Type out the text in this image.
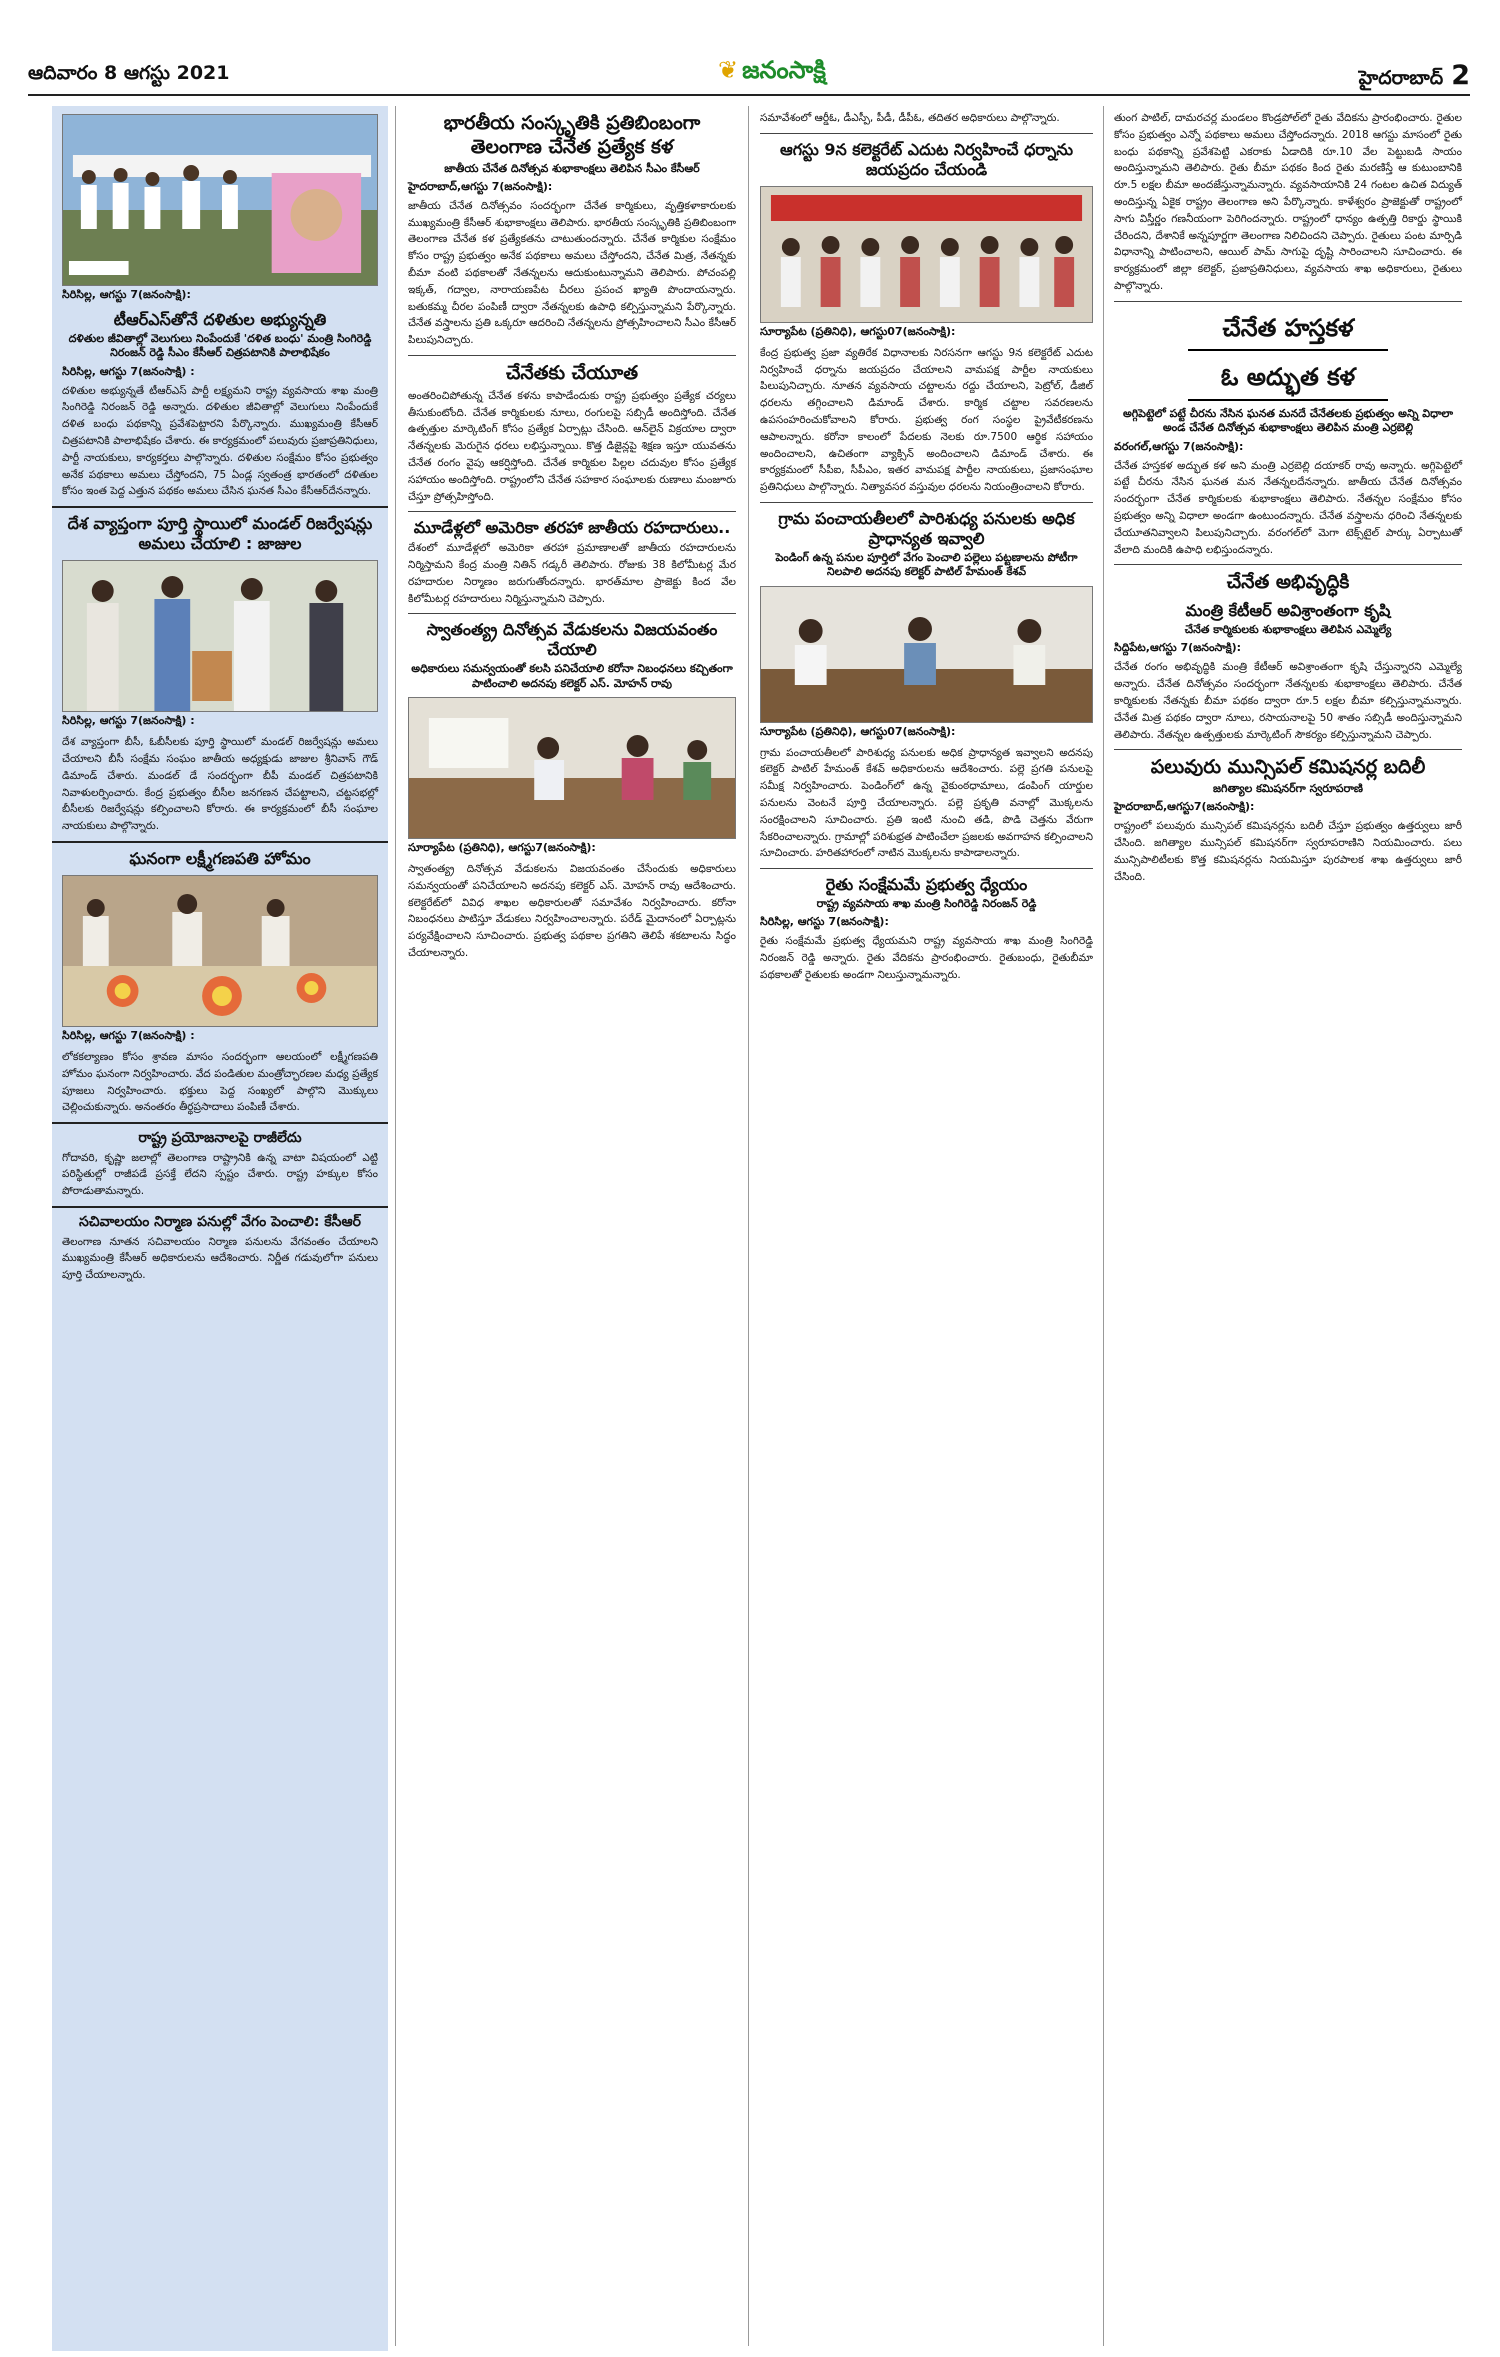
ఆదివారం 8 ఆగస్టు 2021	❦ జనంసాక్షి	హైదరాబాద్ 2
సిరిసిల్ల, ఆగస్టు 7(జనంసాక్షి):
టీఆర్ఎస్‌తోనే దళితుల అభ్యున్నతి
దళితుల జీవితాల్లో వెలుగులు నింపేందుకే 'దళిత బంధు' మంత్రి సింగిరెడ్డి నిరంజన్ రెడ్డి సీఎం కేసీఆర్ చిత్రపటానికి పాలాభిషేకం
సిరిసిల్ల, ఆగస్టు 7(జనంసాక్షి) :
దళితుల అభ్యున్నతే టీఆర్ఎస్ పార్టీ లక్ష్యమని రాష్ట్ర వ్యవసాయ శాఖ మంత్రి సింగిరెడ్డి నిరంజన్ రెడ్డి అన్నారు. దళితుల జీవితాల్లో వెలుగులు నింపేందుకే దళిత బంధు పథకాన్ని ప్రవేశపెట్టారని పేర్కొన్నారు. ముఖ్యమంత్రి కేసీఆర్ చిత్రపటానికి పాలాభిషేకం చేశారు. ఈ కార్యక్రమంలో పలువురు ప్రజాప్రతినిధులు, పార్టీ నాయకులు, కార్యకర్తలు పాల్గొన్నారు. దళితుల సంక్షేమం కోసం ప్రభుత్వం అనేక పథకాలు అమలు చేస్తోందని, 75 ఏండ్ల స్వతంత్ర భారతంలో దళితుల కోసం ఇంత పెద్ద ఎత్తున పథకం అమలు చేసిన ఘనత సీఎం కేసీఆర్‌దేనన్నారు.
దేశ వ్యాప్తంగా పూర్తి స్థాయిలో మండల్ రిజర్వేషన్లు అమలు చేయాలి : జాజుల
సిరిసిల్ల, ఆగస్టు 7(జనంసాక్షి) :
దేశ వ్యాప్తంగా బీసీ, ఓబీసీలకు పూర్తి స్థాయిలో మండల్ రిజర్వేషన్లు అమలు చేయాలని బీసీ సంక్షేమ సంఘం జాతీయ అధ్యక్షుడు జాజుల శ్రీనివాస్ గౌడ్ డిమాండ్ చేశారు. మండల్ డే సందర్భంగా బీపీ మండల్ చిత్రపటానికి నివాళులర్పించారు. కేంద్ర ప్రభుత్వం బీసీల జనగణన చేపట్టాలని, చట్టసభల్లో బీసీలకు రిజర్వేషన్లు కల్పించాలని కోరారు. ఈ కార్యక్రమంలో బీసీ సంఘాల నాయకులు పాల్గొన్నారు.
ఘనంగా లక్ష్మీగణపతి హోమం
సిరిసిల్ల, ఆగస్టు 7(జనంసాక్షి) :
లోకకల్యాణం కోసం శ్రావణ మాసం సందర్భంగా ఆలయంలో లక్ష్మీగణపతి హోమం ఘనంగా నిర్వహించారు. వేద పండితుల మంత్రోచ్ఛారణల మధ్య ప్రత్యేక పూజలు నిర్వహించారు. భక్తులు పెద్ద సంఖ్యలో పాల్గొని మొక్కులు చెల్లించుకున్నారు. అనంతరం తీర్థప్రసాదాలు పంపిణీ చేశారు.
రాష్ట్ర ప్రయోజనాలపై రాజీలేదు
గోదావరి, కృష్ణా జలాల్లో తెలంగాణ రాష్ట్రానికి ఉన్న వాటా విషయంలో ఎట్టి పరిస్థితుల్లో రాజీపడే ప్రసక్తే లేదని స్పష్టం చేశారు. రాష్ట్ర హక్కుల కోసం పోరాడుతామన్నారు.
సచివాలయం నిర్మాణ పనుల్లో వేగం పెంచాలి: కేసీఆర్
తెలంగాణ నూతన సచివాలయం నిర్మాణ పనులను వేగవంతం చేయాలని ముఖ్యమంత్రి కేసీఆర్ అధికారులను ఆదేశించారు. నిర్ణీత గడువులోగా పనులు పూర్తి చేయాలన్నారు.
భారతీయ సంస్కృతికి ప్రతిబింబంగా తెలంగాణ చేనేత ప్రత్యేక కళ
జాతీయ చేనేత దినోత్సవ శుభాకాంక్షలు తెలిపిన సీఎం కేసీఆర్
హైదరాబాద్,ఆగస్టు 7(జనంసాక్షి):
జాతీయ చేనేత దినోత్సవం సందర్భంగా చేనేత కార్మికులు, వృత్తికళాకారులకు ముఖ్యమంత్రి కేసీఆర్ శుభాకాంక్షలు తెలిపారు. భారతీయ సంస్కృతికి ప్రతిబింబంగా తెలంగాణ చేనేత కళ ప్రత్యేకతను చాటుతుందన్నారు. చేనేత కార్మికుల సంక్షేమం కోసం రాష్ట్ర ప్రభుత్వం అనేక పథకాలు అమలు చేస్తోందని, చేనేత మిత్ర, నేతన్నకు బీమా వంటి పథకాలతో నేతన్నలను ఆదుకుంటున్నామని తెలిపారు. పోచంపల్లి ఇక్కత్, గద్వాల, నారాయణపేట చీరలు ప్రపంచ ఖ్యాతి పొందాయన్నారు. బతుకమ్మ చీరల పంపిణీ ద్వారా నేతన్నలకు ఉపాధి కల్పిస్తున్నామని పేర్కొన్నారు. చేనేత వస్త్రాలను ప్రతి ఒక్కరూ ఆదరించి నేతన్నలను ప్రోత్సహించాలని సీఎం కేసీఆర్ పిలుపునిచ్చారు.
చేనేతకు చేయూత
అంతరించిపోతున్న చేనేత కళను కాపాడేందుకు రాష్ట్ర ప్రభుత్వం ప్రత్యేక చర్యలు తీసుకుంటోంది. చేనేత కార్మికులకు నూలు, రంగులపై సబ్సిడీ అందిస్తోంది. చేనేత ఉత్పత్తుల మార్కెటింగ్ కోసం ప్రత్యేక ఏర్పాట్లు చేసింది. ఆన్‌లైన్ విక్రయాల ద్వారా నేతన్నలకు మెరుగైన ధరలు లభిస్తున్నాయి. కొత్త డిజైన్లపై శిక్షణ ఇస్తూ యువతను చేనేత రంగం వైపు ఆకర్షిస్తోంది. చేనేత కార్మికుల పిల్లల చదువుల కోసం ప్రత్యేక సహాయం అందిస్తోంది. రాష్ట్రంలోని చేనేత సహకార సంఘాలకు రుణాలు మంజూరు చేస్తూ ప్రోత్సహిస్తోంది.
మూడేళ్లలో అమెరికా తరహా జాతీయ రహదారులు..
దేశంలో మూడేళ్లలో అమెరికా తరహా ప్రమాణాలతో జాతీయ రహదారులను నిర్మిస్తామని కేంద్ర మంత్రి నితిన్ గడ్కరీ తెలిపారు. రోజుకు 38 కిలోమీటర్ల మేర రహదారుల నిర్మాణం జరుగుతోందన్నారు. భారత్‌మాల ప్రాజెక్టు కింద వేల కిలోమీటర్ల రహదారులు నిర్మిస్తున్నామని చెప్పారు.
స్వాతంత్య్ర దినోత్సవ వేడుకలను విజయవంతం చేయాలి
అధికారులు సమన్వయంతో కలసి పనిచేయాలి కరోనా నిబంధనలు కచ్చితంగా పాటించాలి అదనపు కలెక్టర్ ఎస్. మోహన్ రావు
సూర్యాపేట (ప్రతినిధి), ఆగస్టు7(జనంసాక్షి):
స్వాతంత్య్ర దినోత్సవ వేడుకలను విజయవంతం చేసేందుకు అధికారులు సమన్వయంతో పనిచేయాలని అదనపు కలెక్టర్ ఎస్. మోహన్ రావు ఆదేశించారు. కలెక్టరేట్‌లో వివిధ శాఖల అధికారులతో సమావేశం నిర్వహించారు. కరోనా నిబంధనలు పాటిస్తూ వేడుకలు నిర్వహించాలన్నారు. పరేడ్ మైదానంలో ఏర్పాట్లను పర్యవేక్షించాలని సూచించారు. ప్రభుత్వ పథకాల ప్రగతిని తెలిపే శకటాలను సిద్ధం చేయాలన్నారు.
సమావేశంలో ఆర్డీఓ, డీఎస్పీ, పీడీ, డీపీఓ, తదితర అధికారులు పాల్గొన్నారు.
ఆగస్టు 9న కలెక్టరేట్ ఎదుట నిర్వహించే ధర్నాను జయప్రదం చేయండి
సూర్యాపేట (ప్రతినిధి), ఆగస్టు07(జనంసాక్షి):
కేంద్ర ప్రభుత్వ ప్రజా వ్యతిరేక విధానాలకు నిరసనగా ఆగస్టు 9న కలెక్టరేట్ ఎదుట నిర్వహించే ధర్నాను జయప్రదం చేయాలని వామపక్ష పార్టీల నాయకులు పిలుపునిచ్చారు. నూతన వ్యవసాయ చట్టాలను రద్దు చేయాలని, పెట్రోల్, డీజిల్ ధరలను తగ్గించాలని డిమాండ్ చేశారు. కార్మిక చట్టాల సవరణలను ఉపసంహరించుకోవాలని కోరారు. ప్రభుత్వ రంగ సంస్థల ప్రైవేటీకరణను ఆపాలన్నారు. కరోనా కాలంలో పేదలకు నెలకు రూ.7500 ఆర్థిక సహాయం అందించాలని, ఉచితంగా వ్యాక్సిన్ అందించాలని డిమాండ్ చేశారు. ఈ కార్యక్రమంలో సీపీఐ, సీపీఎం, ఇతర వామపక్ష పార్టీల నాయకులు, ప్రజాసంఘాల ప్రతినిధులు పాల్గొన్నారు. నిత్యావసర వస్తువుల ధరలను నియంత్రించాలని కోరారు.
గ్రామ పంచాయతీలలో పారిశుధ్య పనులకు అధిక ప్రాధాన్యత ఇవ్వాలి
పెండింగ్ ఉన్న పనుల పూర్తిలో వేగం పెంచాలి పల్లెలు పట్టణాలను పోటీగా నిలపాలి అదనపు కలెక్టర్ పాటిల్ హేమంత్ కేశవ్
సూర్యాపేట (ప్రతినిధి), ఆగస్టు07(జనంసాక్షి):
గ్రామ పంచాయతీలలో పారిశుధ్య పనులకు అధిక ప్రాధాన్యత ఇవ్వాలని అదనపు కలెక్టర్ పాటిల్ హేమంత్ కేశవ్ అధికారులను ఆదేశించారు. పల్లె ప్రగతి పనులపై సమీక్ష నిర్వహించారు. పెండింగ్‌లో ఉన్న వైకుంఠధామాలు, డంపింగ్ యార్డుల పనులను వెంటనే పూర్తి చేయాలన్నారు. పల్లె ప్రకృతి వనాల్లో మొక్కలను సంరక్షించాలని సూచించారు. ప్రతి ఇంటి నుంచి తడి, పొడి చెత్తను వేరుగా సేకరించాలన్నారు. గ్రామాల్లో పరిశుభ్రత పాటించేలా ప్రజలకు అవగాహన కల్పించాలని సూచించారు. హరితహారంలో నాటిన మొక్కలను కాపాడాలన్నారు.
రైతు సంక్షేమమే ప్రభుత్వ ధ్యేయం
రాష్ట్ర వ్యవసాయ శాఖ మంత్రి సింగిరెడ్డి నిరంజన్ రెడ్డి
సిరిసిల్ల, ఆగస్టు 7(జనంసాక్షి):
రైతు సంక్షేమమే ప్రభుత్వ ధ్యేయమని రాష్ట్ర వ్యవసాయ శాఖ మంత్రి సింగిరెడ్డి నిరంజన్ రెడ్డి అన్నారు. రైతు వేదికను ప్రారంభించారు. రైతుబంధు, రైతుబీమా పథకాలతో రైతులకు అండగా నిలుస్తున్నామన్నారు.
తుంగ పాటిల్, దామరచర్ల మండలం కొండ్రపోల్‌లో రైతు వేదికను ప్రారంభించారు. రైతుల కోసం ప్రభుత్వం ఎన్నో పథకాలు అమలు చేస్తోందన్నారు. 2018 ఆగస్టు మాసంలో రైతు బంధు పథకాన్ని ప్రవేశపెట్టి ఎకరాకు ఏడాదికి రూ.10 వేల పెట్టుబడి సాయం అందిస్తున్నామని తెలిపారు. రైతు బీమా పథకం కింద రైతు మరణిస్తే ఆ కుటుంబానికి రూ.5 లక్షల బీమా అందజేస్తున్నామన్నారు. వ్యవసాయానికి 24 గంటల ఉచిత విద్యుత్ అందిస్తున్న ఏకైక రాష్ట్రం తెలంగాణ అని పేర్కొన్నారు. కాళేశ్వరం ప్రాజెక్టుతో రాష్ట్రంలో సాగు విస్తీర్ణం గణనీయంగా పెరిగిందన్నారు. రాష్ట్రంలో ధాన్యం ఉత్పత్తి రికార్డు స్థాయికి చేరిందని, దేశానికే అన్నపూర్ణగా తెలంగాణ నిలిచిందని చెప్పారు. రైతులు పంట మార్పిడి విధానాన్ని పాటించాలని, ఆయిల్ పామ్ సాగుపై దృష్టి సారించాలని సూచించారు. ఈ కార్యక్రమంలో జిల్లా కలెక్టర్, ప్రజాప్రతినిధులు, వ్యవసాయ శాఖ అధికారులు, రైతులు పాల్గొన్నారు.
చేనేత హస్తకళ
ఓ అద్భుత కళ
అగ్గిపెట్టెలో పట్టే చీరను నేసిన ఘనత మనదే చేనేతలకు ప్రభుత్వం అన్ని విధాలా అండ చేనేత దినోత్సవ శుభాకాంక్షలు తెలిపిన మంత్రి ఎర్రబెల్లి
వరంగల్,ఆగస్టు 7(జనంసాక్షి):
చేనేత హస్తకళ అద్భుత కళ అని మంత్రి ఎర్రబెల్లి దయాకర్ రావు అన్నారు. అగ్గిపెట్టెలో పట్టే చీరను నేసిన ఘనత మన నేతన్నలదేనన్నారు. జాతీయ చేనేత దినోత్సవం సందర్భంగా చేనేత కార్మికులకు శుభాకాంక్షలు తెలిపారు. నేతన్నల సంక్షేమం కోసం ప్రభుత్వం అన్ని విధాలా అండగా ఉంటుందన్నారు. చేనేత వస్త్రాలను ధరించి నేతన్నలకు చేయూతనివ్వాలని పిలుపునిచ్చారు. వరంగల్‌లో మెగా టెక్స్‌టైల్ పార్కు ఏర్పాటుతో వేలాది మందికి ఉపాధి లభిస్తుందన్నారు.
చేనేత అభివృద్ధికి
మంత్రి కేటీఆర్ అవిశ్రాంతంగా కృషి
చేనేత కార్మికులకు శుభాకాంక్షలు తెలిపిన ఎమ్మెల్యే
సిద్దిపేట,ఆగస్టు 7(జనంసాక్షి):
చేనేత రంగం అభివృద్ధికి మంత్రి కేటీఆర్ అవిశ్రాంతంగా కృషి చేస్తున్నారని ఎమ్మెల్యే అన్నారు. చేనేత దినోత్సవం సందర్భంగా నేతన్నలకు శుభాకాంక్షలు తెలిపారు. చేనేత కార్మికులకు నేతన్నకు బీమా పథకం ద్వారా రూ.5 లక్షల బీమా కల్పిస్తున్నామన్నారు. చేనేత మిత్ర పథకం ద్వారా నూలు, రసాయనాలపై 50 శాతం సబ్సిడీ అందిస్తున్నామని తెలిపారు. నేతన్నల ఉత్పత్తులకు మార్కెటింగ్ సౌకర్యం కల్పిస్తున్నామని చెప్పారు.
పలువురు మున్సిపల్ కమిషనర్ల బదిలీ
జగిత్యాల కమిషనర్‌గా స్వరూపరాణి
హైదరాబాద్,ఆగస్టు7(జనంసాక్షి):
రాష్ట్రంలో పలువురు మున్సిపల్ కమిషనర్లను బదిలీ చేస్తూ ప్రభుత్వం ఉత్తర్వులు జారీ చేసింది. జగిత్యాల మున్సిపల్ కమిషనర్‌గా స్వరూపరాణిని నియమించారు. పలు మున్సిపాలిటీలకు కొత్త కమిషనర్లను నియమిస్తూ పురపాలక శాఖ ఉత్తర్వులు జారీ చేసింది.
